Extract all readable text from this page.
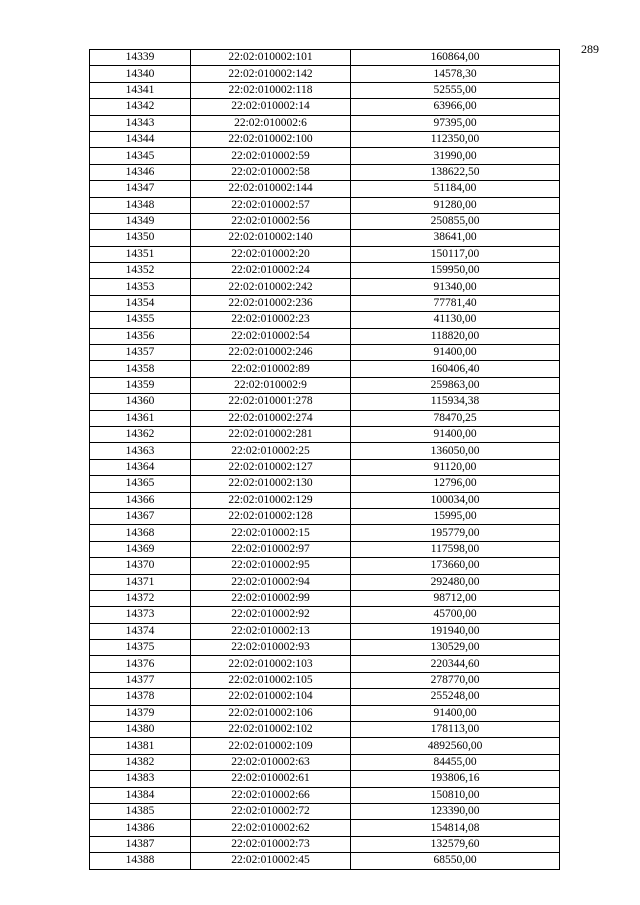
289
14339	22:02:010002:101	160864,00
14340	22:02:010002:142	14578,30
14341	22:02:010002:118	52555,00
14342	22:02:010002:14	63966,00
14343	22:02:010002:6	97395,00
14344	22:02:010002:100	112350,00
14345	22:02:010002:59	31990,00
14346	22:02:010002:58	138622,50
14347	22:02:010002:144	51184,00
14348	22:02:010002:57	91280,00
14349	22:02:010002:56	250855,00
14350	22:02:010002:140	38641,00
14351	22:02:010002:20	150117,00
14352	22:02:010002:24	159950,00
14353	22:02:010002:242	91340,00
14354	22:02:010002:236	77781,40
14355	22:02:010002:23	41130,00
14356	22:02:010002:54	118820,00
14357	22:02:010002:246	91400,00
14358	22:02:010002:89	160406,40
14359	22:02:010002:9	259863,00
14360	22:02:010001:278	115934,38
14361	22:02:010002:274	78470,25
14362	22:02:010002:281	91400,00
14363	22:02:010002:25	136050,00
14364	22:02:010002:127	91120,00
14365	22:02:010002:130	12796,00
14366	22:02:010002:129	100034,00
14367	22:02:010002:128	15995,00
14368	22:02:010002:15	195779,00
14369	22:02:010002:97	117598,00
14370	22:02:010002:95	173660,00
14371	22:02:010002:94	292480,00
14372	22:02:010002:99	98712,00
14373	22:02:010002:92	45700,00
14374	22:02:010002:13	191940,00
14375	22:02:010002:93	130529,00
14376	22:02:010002:103	220344,60
14377	22:02:010002:105	278770,00
14378	22:02:010002:104	255248,00
14379	22:02:010002:106	91400,00
14380	22:02:010002:102	178113,00
14381	22:02:010002:109	4892560,00
14382	22:02:010002:63	84455,00
14383	22:02:010002:61	193806,16
14384	22:02:010002:66	150810,00
14385	22:02:010002:72	123390,00
14386	22:02:010002:62	154814,08
14387	22:02:010002:73	132579,60
14388	22:02:010002:45	68550,00
